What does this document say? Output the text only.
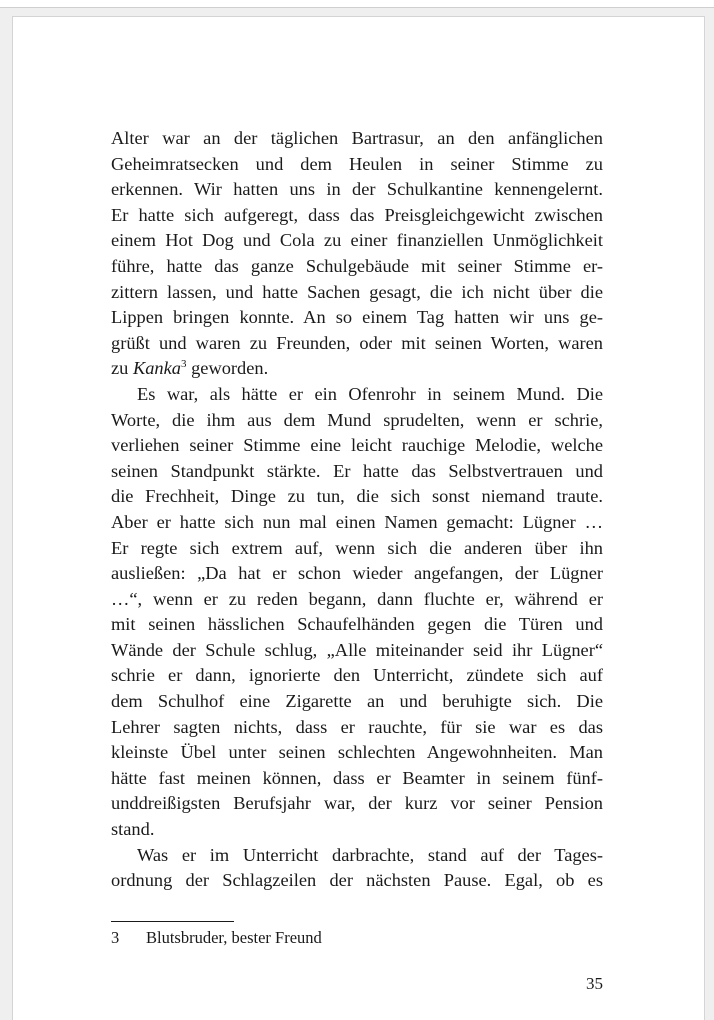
Alter war an der täglichen Bartrasur, an den anfänglichen
Geheimratsecken und dem Heulen in seiner Stimme zu
erkennen. Wir hatten uns in der Schulkantine kennengelernt.
Er hatte sich aufgeregt, dass das Preisgleichgewicht zwischen
einem Hot Dog und Cola zu einer finanziellen Unmöglichkeit
führe, hatte das ganze Schulgebäude mit seiner Stimme er-
zittern lassen, und hatte Sachen gesagt, die ich nicht über die
Lippen bringen konnte. An so einem Tag hatten wir uns ge-
grüßt und waren zu Freunden, oder mit seinen Worten, waren
zu Kanka$^3$ geworden.
Es war, als hätte er ein Ofenrohr in seinem Mund. Die
Worte, die ihm aus dem Mund sprudelten, wenn er schrie,
verliehen seiner Stimme eine leicht rauchige Melodie, welche
seinen Standpunkt stärkte. Er hatte das Selbstvertrauen und
die Frechheit, Dinge zu tun, die sich sonst niemand traute.
Aber er hatte sich nun mal einen Namen gemacht: Lügner …
Er regte sich extrem auf, wenn sich die anderen über ihn
ausließen: „Da hat er schon wieder angefangen, der Lügner
…“, wenn er zu reden begann, dann fluchte er, während er
mit seinen hässlichen Schaufelhänden gegen die Türen und
Wände der Schule schlug, „Alle miteinander seid ihr Lügner“
schrie er dann, ignorierte den Unterricht, zündete sich auf
dem Schulhof eine Zigarette an und beruhigte sich. Die
Lehrer sagten nichts, dass er rauchte, für sie war es das
kleinste Übel unter seinen schlechten Angewohnheiten. Man
hätte fast meinen können, dass er Beamter in seinem fünf-
unddreißigsten Berufsjahr war, der kurz vor seiner Pension
stand.
Was er im Unterricht darbrachte, stand auf der Tages-
ordnung der Schlagzeilen der nächsten Pause. Egal, ob es
3 Blutsbruder, bester Freund
35
